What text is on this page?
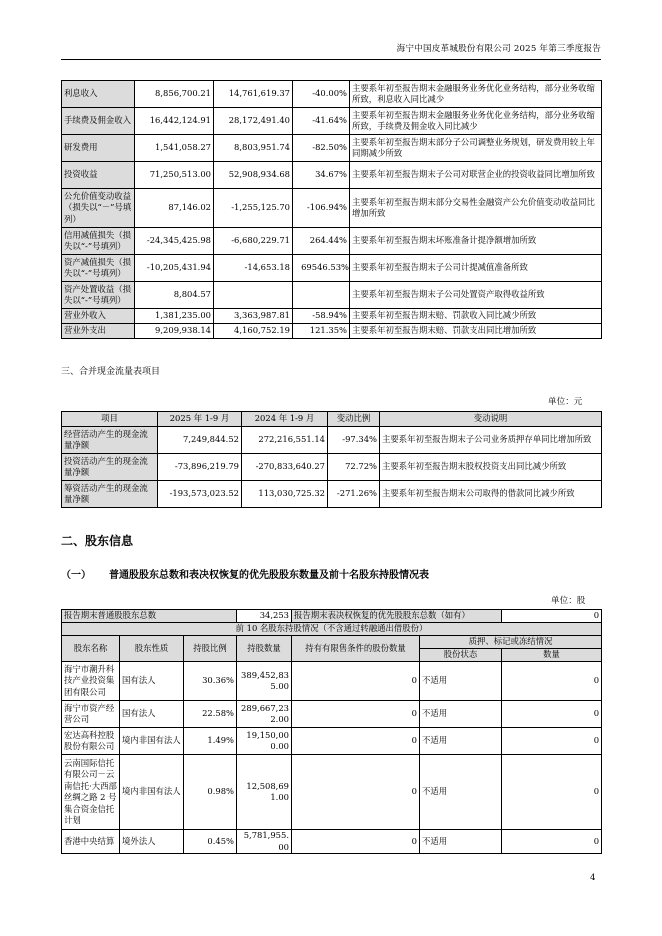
海宁中国皮革城股份有限公司 2025 年第三季度报告
利息收入	8,856,700.21	14,761,619.37	-40.00%	主要系年初至报告期末金融服务业务优化业务结构，部分业务收缩所致，利息收入同比减少
手续费及佣金收入	16,442,124.91	28,172,491.40	-41.64%	主要系年初至报告期末金融服务业务优化业务结构，部分业务收缩所致，手续费及佣金收入同比减少
研发费用	1,541,058.27	8,803,951.74	-82.50%	主要系年初至报告期末部分子公司调整业务规划，研发费用较上年同期减少所致
投资收益	71,250,513.00	52,908,934.68	34.67%	主要系年初至报告期末子公司对联营企业的投资收益同比增加所致
公允价值变动收益（损失以“－”号填列）	87,146.02	-1,255,125.70	-106.94%	主要系年初至报告期末部分交易性金融资产公允价值变动收益同比增加所致
信用减值损失（损失以“-”号填列）	-24,345,425.98	-6,680,229.71	264.44%	主要系年初至报告期末坏账准备计提净额增加所致
资产减值损失（损失以“-”号填列）	-10,205,431.94	-14,653.18	69546.53%	主要系年初至报告期末子公司计提减值准备所致
资产处置收益（损失以“-”号填列）	8,804.57			主要系年初至报告期末子公司处置资产取得收益所致
营业外收入	1,381,235.00	3,363,987.81	-58.94%	主要系年初至报告期末赔、罚款收入同比减少所致
营业外支出	9,209,938.14	4,160,752.19	121.35%	主要系年初至报告期末赔、罚款支出同比增加所致
三、合并现金流量表项目
单位：元
项目	2025 年 1-9 月	2024 年 1-9 月	变动比例	变动说明
经营活动产生的现金流量净额	7,249,844.52	272,216,551.14	-97.34%	主要系年初至报告期末子公司业务质押存单同比增加所致
投资活动产生的现金流量净额	-73,896,219.79	-270,833,640.27	72.72%	主要系年初至报告期末股权投资支出同比减少所致
筹资活动产生的现金流量净额	-193,573,023.52	113,030,725.32	-271.26%	主要系年初至报告期末公司取得的借款同比减少所致
二、股东信息
（一） 普通股股东总数和表决权恢复的优先股股东数量及前十名股东持股情况表
单位：股
报告期末普通股股东总数			34,253	报告期末表决权恢复的优先股股东总数（如有）		0
前 10 名股东持股情况（不含通过转融通出借股份）						
股东名称	股东性质	持股比例	持股数量	持有有限售条件的股份数量	质押、标记或冻结情况	
					股份状态	数量
海宁市潮升科技产业投资集团有限公司	国有法人	30.36%	389,452,835.00	0	不适用	0
海宁市资产经营公司	国有法人	22.58%	289,667,232.00	0	不适用	0
宏达高科控股股份有限公司	境内非国有法人	1.49%	19,150,000.00	0	不适用	0
云南国际信托有限公司－云南信托·大西部丝绸之路 2 号集合资金信托计划	境内非国有法人	0.98%	12,508,691.00	0	不适用	0
香港中央结算	境外法人	0.45%	5,781,955.00	0	不适用	0
4
